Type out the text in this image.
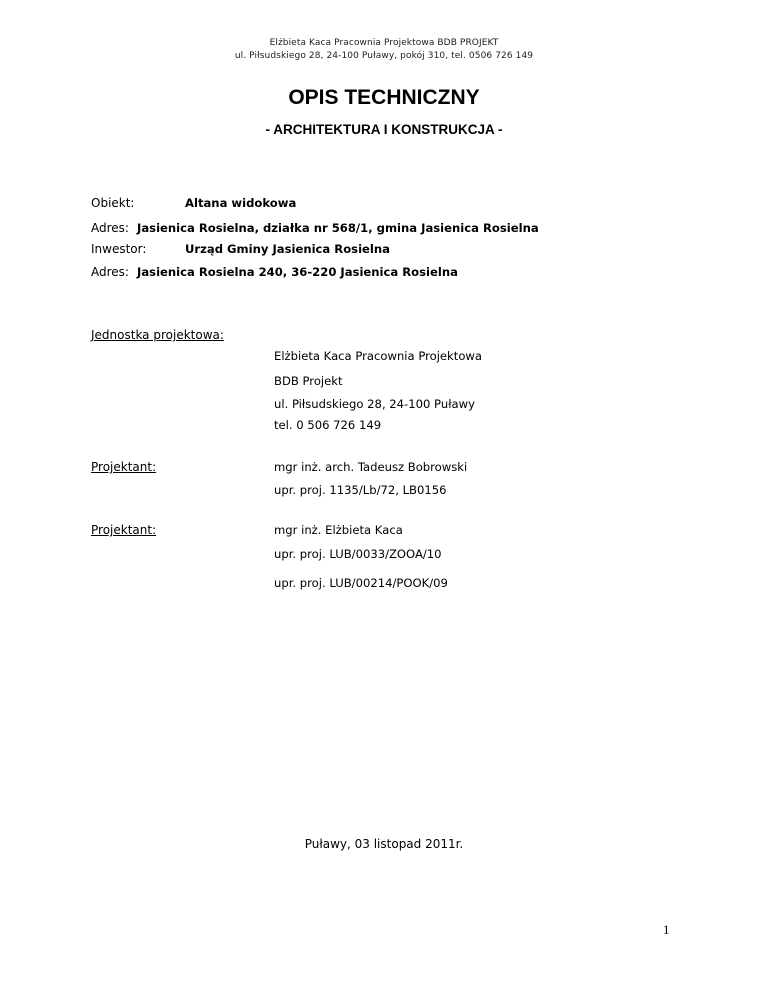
Elżbieta Kaca Pracownia Projektowa BDB PROJEKT
ul. Piłsudskiego 28, 24-100 Puławy, pokój 310, tel. 0506 726 149
OPIS TECHNICZNY
- ARCHITEKTURA I KONSTRUKCJA -
Obiekt:	Altana widokowa
Adres: Jasienica Rosielna, działka nr 568/1, gmina Jasienica Rosielna
Inwestor:	Urząd Gminy Jasienica Rosielna
Adres: Jasienica Rosielna 240, 36-220 Jasienica Rosielna
Jednostka projektowa:
Elżbieta Kaca Pracownia Projektowa
BDB Projekt
ul. Piłsudskiego 28, 24-100 Puławy
tel. 0 506 726 149
Projektant:	mgr inż. arch. Tadeusz Bobrowski
upr. proj. 1135/Lb/72, LB0156
Projektant:	mgr inż. Elżbieta Kaca
upr. proj. LUB/0033/ZOOA/10
upr. proj. LUB/00214/POOK/09
Puławy, 03 listopad 2011r.
1
